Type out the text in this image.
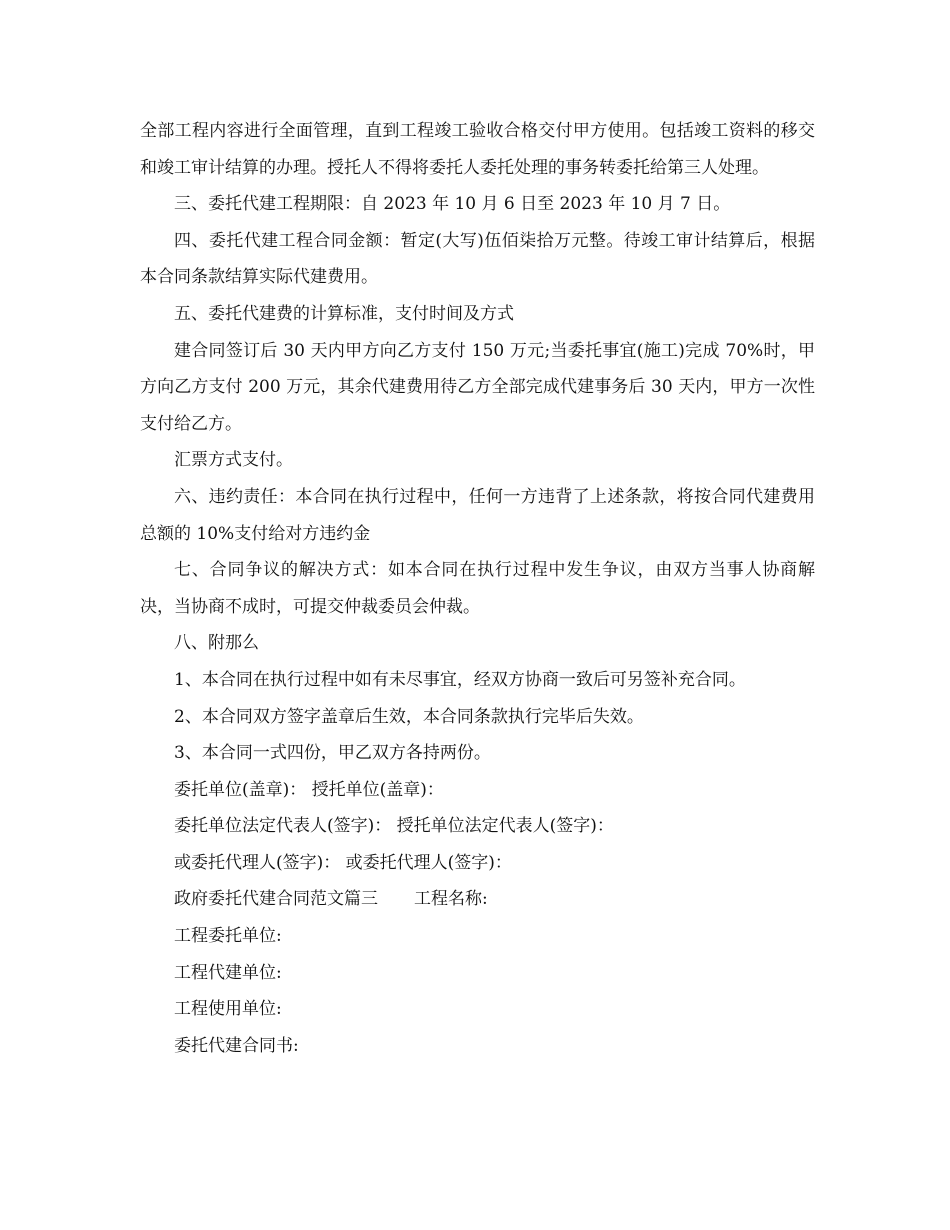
全部工程内容进行全面管理，直到工程竣工验收合格交付甲方使用。包括竣工资料的移交和竣工审计结算的办理。授托人不得将委托人委托处理的事务转委托给第三人处理。

三、委托代建工程期限：自 2023 年 10 月 6 日至 2023 年 10 月 7 日。

四、委托代建工程合同金额：暂定(大写)伍佰柒拾万元整。待竣工审计结算后，根据本合同条款结算实际代建费用。

五、委托代建费的计算标准，支付时间及方式

建合同签订后 30 天内甲方向乙方支付 150 万元;当委托事宜(施工)完成 70%时，甲方向乙方支付 200 万元，其余代建费用待乙方全部完成代建事务后 30 天内，甲方一次性支付给乙方。

汇票方式支付。

六、违约责任：本合同在执行过程中，任何一方违背了上述条款，将按合同代建费用总额的 10%支付给对方违约金

七、合同争议的解决方式：如本合同在执行过程中发生争议，由双方当事人协商解决，当协商不成时，可提交仲裁委员会仲裁。

八、附那么

1、本合同在执行过程中如有未尽事宜，经双方协商一致后可另签补充合同。

2、本合同双方签字盖章后生效，本合同条款执行完毕后失效。

3、本合同一式四份，甲乙双方各持两份。

委托单位(盖章)： 授托单位(盖章)：

委托单位法定代表人(签字)： 授托单位法定代表人(签字)：

或委托代理人(签字)： 或委托代理人(签字)：

政府委托代建合同范文篇三 工程名称:

工程委托单位:

工程代建单位:

工程使用单位:

委托代建合同书:
